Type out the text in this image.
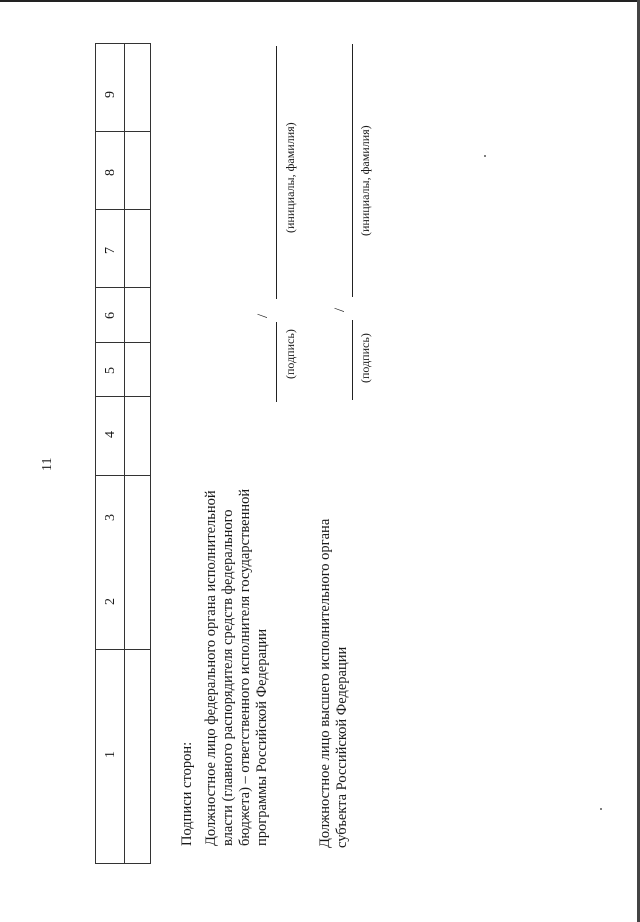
11
1
2
3
4
5
6
7
8
9
Подписи сторон: Должностное лицо федерального органа исполнительной власти (главного распорядителя средств федерального бюджета) – ответственного исполнителя государственной программы Российской Федерации
(подпись)
/
(инициалы, фамилия)
Должностное лицо высшего исполнительного органа субъекта Российской Федерации
(подпись)
/
(инициалы, фамилия)
